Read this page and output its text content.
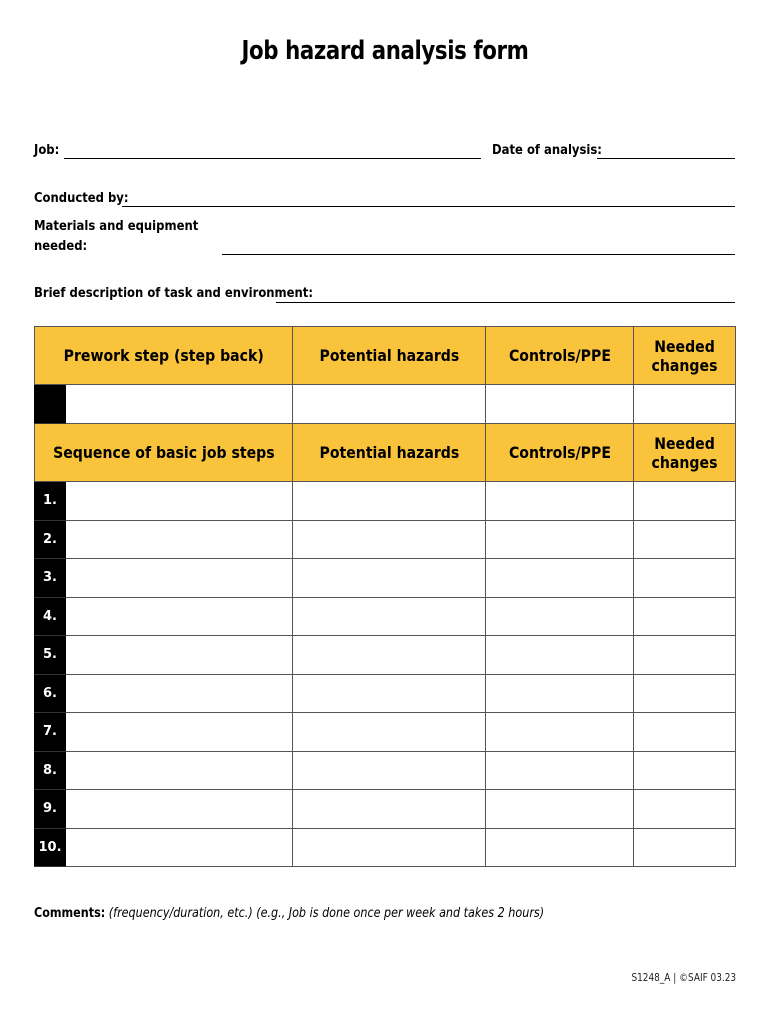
Job hazard analysis form
Job:	Date of analysis:
Conducted by:
Materials and equipment
needed:
Brief description of task and environment:
Prework step (step back)		Potential hazards	Controls/PPE	Needed changes

Sequence of basic job steps		Potential hazards	Controls/PPE	Needed changes
1.				
2.				
3.				
4.				
5.				
6.				
7.				
8.				
9.				
10.				
Comments: (frequency/duration, etc.) (e.g., Job is done once per week and takes 2 hours)
S1248_A | ©SAIF 03.23
